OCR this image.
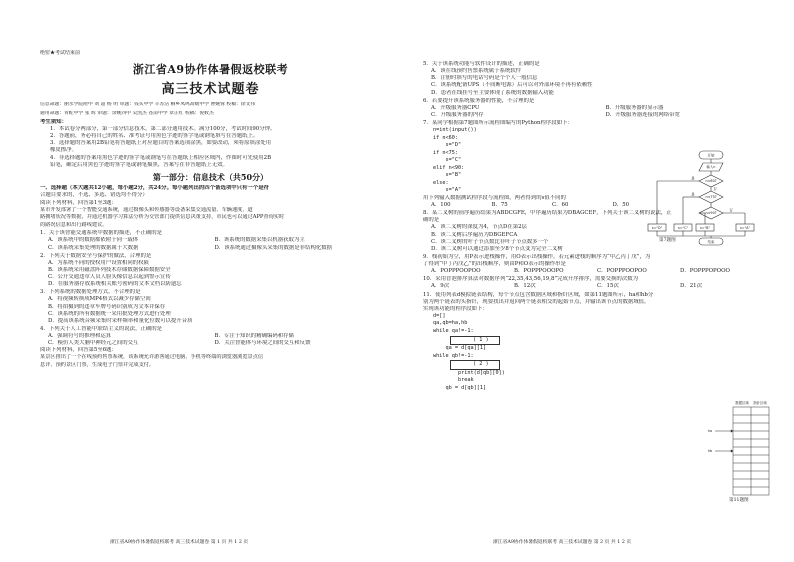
绝密★考试结束前
浙江省A9协作体暑假返校联考
高三技术试题卷
信息命题：丽水学院附中 刘 超 杨 明 审题：钱头中学 辛苏洁 桐乡凤鸣高级中学 曹婉蓉 校稿：徐文伟
通用命题：青蛇中学 张 辉 审题：余姚四中 吴凯杰 苍南中学 章正红 校稿：倪攸杰
考生须知：
1．本试卷分两部分，第一部分信息技术，第二部分通用技术。满分100分，考试时间90分钟。
2．答题前，务必将自己的姓名、准考证号用黑色字迹的签字笔或钢笔填写在答题纸上。
3．选择题的答案用2B铅笔将答题纸上对应题目的答案选项涂黑，如要改动，须将原填涂处用
橡皮擦净。
4．非选择题的答案用黑色字迹的签字笔或钢笔写在答题纸上相应区域内，作图时可先使用2B
铅笔，确定后用黑色字迹的签字笔或钢笔描黑，答案写在非答题纸上无效。
第一部分：信息技术（共50分）
一、选择题（本大题共12小题，每小题2分，共24分。每小题列出的四个备选项中只有一个是符
合题目要求的，不选、多选、错选均不得分）
阅读下列材料，回答第1至3题：
某市开发部署了一个智能交通系统，通过摄像头和传感器等设备采集交通流量、车辆速度、道
路拥堵状况等数据，并通过机器学习算法分析为交管部门提供信息决策支持，市民也可以通过APP查询实时
的路况信息和出行路线建议。
1．关于该智能交通系统中数据的描述，不正确的是
A．该系统中的数据都依附于同一载体	B．该系统的数据采集以机器获取为主
C．该系统采集处理的数据属于大数据	D．该系统通过摄像头采集的数据是非结构化数据
2．下列关于数据安全与保护的做法，合理的是
A．为系统不同的授权用户设置相同的权限
B．该系统采用磁盘阵列技术存储数据保障数据安全
C．公开交通违章人员人脸头像信息以起到警示宣传
D．在服务器存放系统相关账号密码的文本文档以防遗忘
3．下列系统的数据处理方式，不合理的是
A．将视频转换成MP4格式以减少存储空间
B．将拍摄到的违章车牌号码识别成为文本并保存
C．该系统的所有数据统一采用批处理方式进行处理
D．提高该系统音频采集时采样频率和量化位数可以提升音质
4．下列关于人工智能中联结主义的说法，正确的是
A．强调符号的推理和运算	B．专注于知识的精确编码和存储
C．模仿人类大脑中神经元之间的交互	D．关注智能体与环境之间的交互和反馈
阅读下列材料，回答第5至6题：
某景区推出了一个在线预约售票系统，该系统允许游客通过电脑、手机等终端的浏览器浏览景点信
息详、预约景区门票，生成电子门票并完成支付。
浙江省A9协作体暑假返校联考 高三技术试题卷 第 1 页 共 1 2 页
5．关于该系统功能与软件设计的描述，正确的是
A．该在线预约售票系统属于系统软件
B．注册时填写的电话号码是个个人一般信息
C．该系统配备UPS（不间断电源）后可以对外部环境不再有依赖性
D．患者在线挂号至主要体现了系统的数据输入功能
6．若要提升该系统服务器的性能，不合理的是
A．升级服务器CPU	B．升级服务器的显示器
C．升级服务器的内存	D．升级服务器连接的网络带宽
7．某同学根据第7题图所示流程图编写的Python程序段如下：
n=int(input())
if n<60:
s="D"
if n<75:
s="C"
elif n<90:
s="B"
else:
s="A"
用下列输入数据测试程序段与流程图，两者得到的s值不同的
A．100	B．75	C．60	D．50
8．某二叉树的前序遍历结果为ABDCGFE，中序遍历结果为DBAGCEF，下列关于该二叉树的说法，正
确的是
A．该二叉树的深度为4，节点D在第2层
B．该二叉树后序遍历为DBGEFCA
C．该二叉树的叶子节点数比非叶子节点数多一个
D．该二叉树可以通过添加至少8个节点变为完全二叉树
9．栈初始为空，用P表示进栈操作，用O表示出栈操作，若元素进栈的顺序为“甲乙丙丁戊”，为
了得到“甲丁丙戊乙”的出栈顺序，则由P和O表示的操作串是
A．POPPPOOPOO	B．POPPPOOOPO	C．POPPPOOPOO	D．POPPPOPOOO
10．采用冒泡排序算法对数据序列“22,35,43,56,19,8”完成升序排序，需要交换的次数为
A．9次	B．12次	C．15次	D．21次
11．使用列表d模拟链表结构，每个节点包含数据区域和指针区域，如第11题图所示，ha和hb分
别为两个链表的头指针，现要找出并返回两个链表相交的起始节点，并输出该节点的数据域值。
实现该功能的程序段如下：
d=[]
qa,qb=ha,hb
while qa!=-1:
( 1 )
qa = d[qa][1]
while qb!=-1:
( 2 )
print(d[qb][0])
break
qb = d[qb][1]
开始
输入n
n<60?
n<75?
n<90?
s="D"	s="C"	s="B"	s="A"
结束
是
是
否
否
第7题图
数据区域 指针区域
ha
hb
第11题图
浙江省A9协作体暑假返校联考 高三技术试题卷 第 2 页 共 1 2 页
